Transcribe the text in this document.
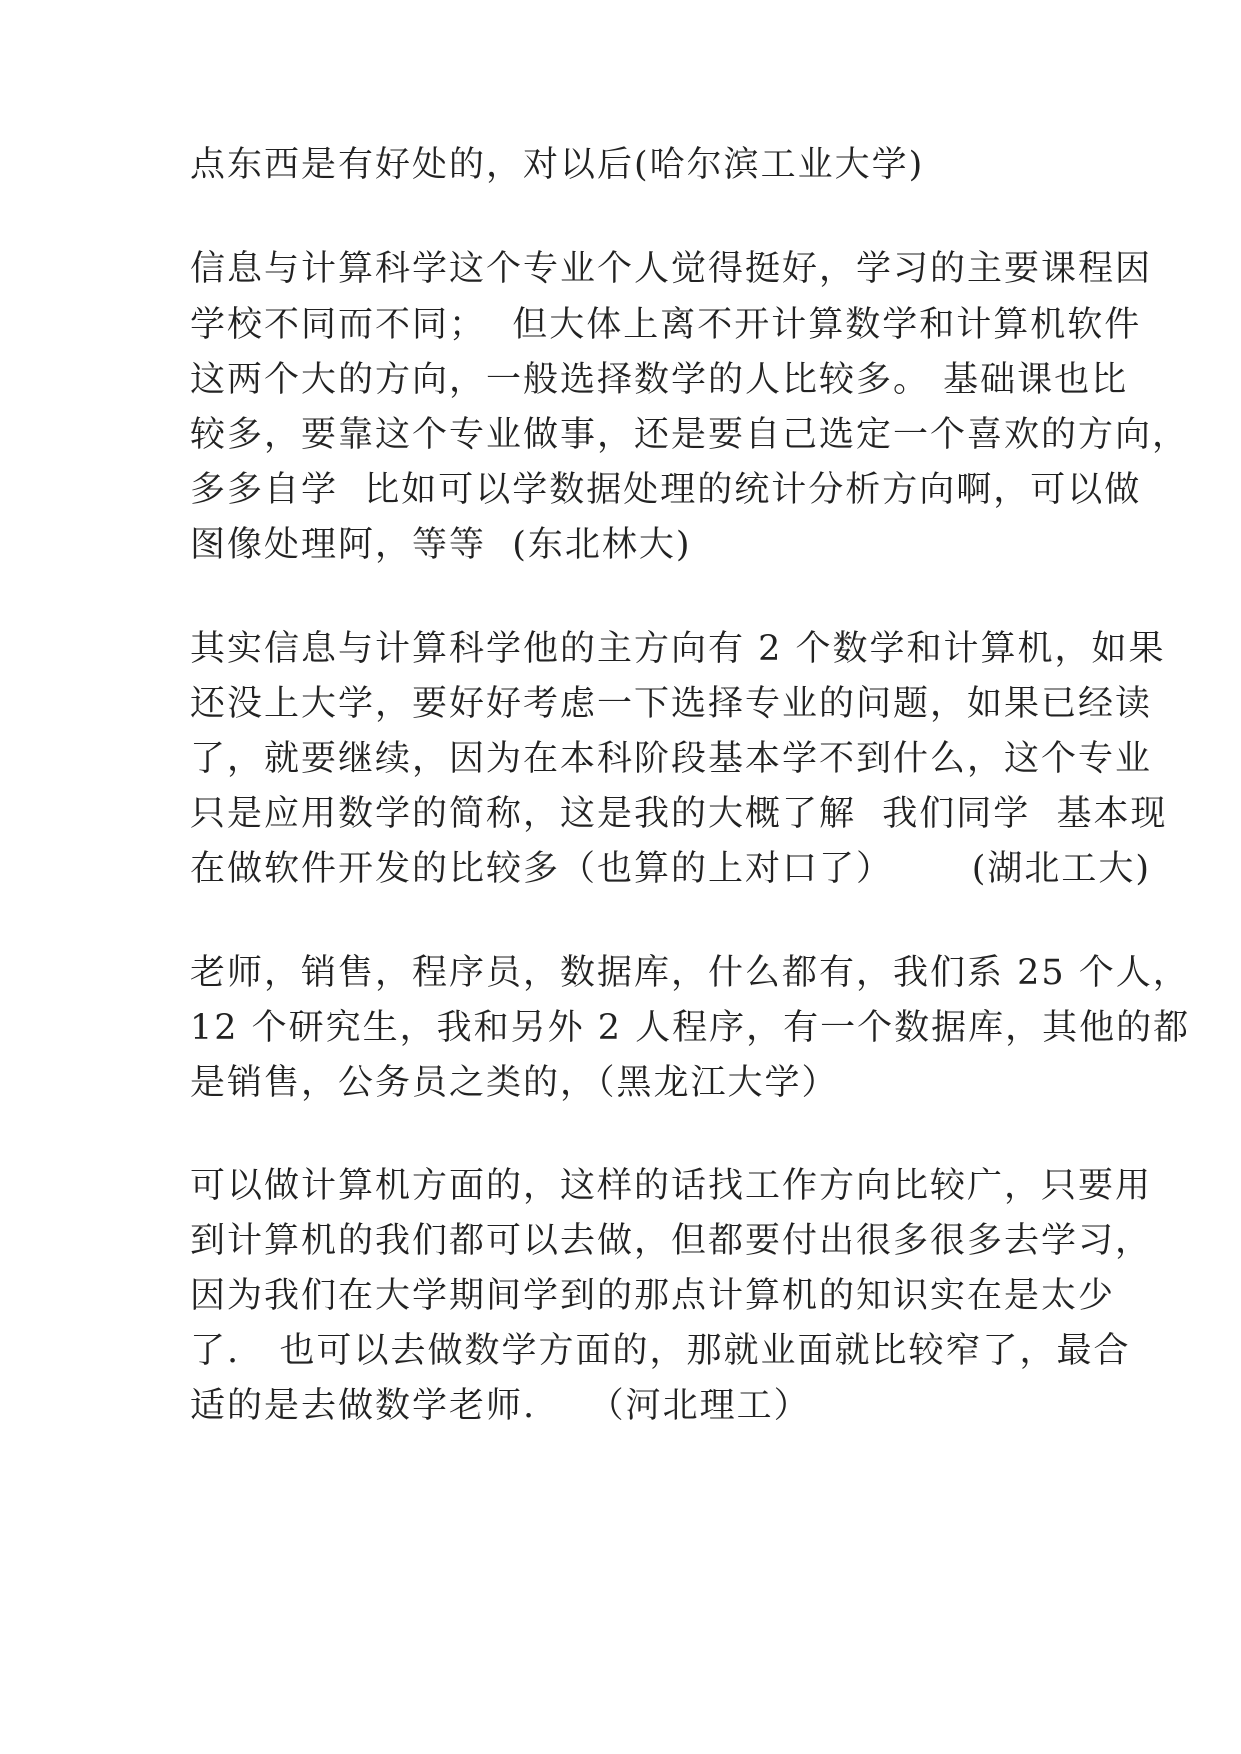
点东西是有好处的，对以后(哈尔滨工业大学)
信息与计算科学这个专业个人觉得挺好，学习的主要课程因
学校不同而不同；  但大体上离不开计算数学和计算机软件
这两个大的方向，一般选择数学的人比较多。 基础课也比
较多，要靠这个专业做事，还是要自己选定一个喜欢的方向，
多多自学  比如可以学数据处理的统计分析方向啊，可以做
图像处理阿，等等  (东北林大)
其实信息与计算科学他的主方向有 2 个数学和计算机，如果
还没上大学，要好好考虑一下选择专业的问题，如果已经读
了，就要继续，因为在本科阶段基本学不到什么，这个专业
只是应用数学的简称，这是我的大概了解  我们同学  基本现
在做软件开发的比较多（也算的上对口了）      (湖北工大)
老师，销售，程序员，数据库，什么都有，我们系 25 个人，
12 个研究生，我和另外 2 人程序，有一个数据库，其他的都
是销售，公务员之类的，（黑龙江大学）
可以做计算机方面的，这样的话找工作方向比较广，只要用
到计算机的我们都可以去做，但都要付出很多很多去学习，
因为我们在大学期间学到的那点计算机的知识实在是太少
了.   也可以去做数学方面的，那就业面就比较窄了，最合
适的是去做数学老师.    （河北理工）
